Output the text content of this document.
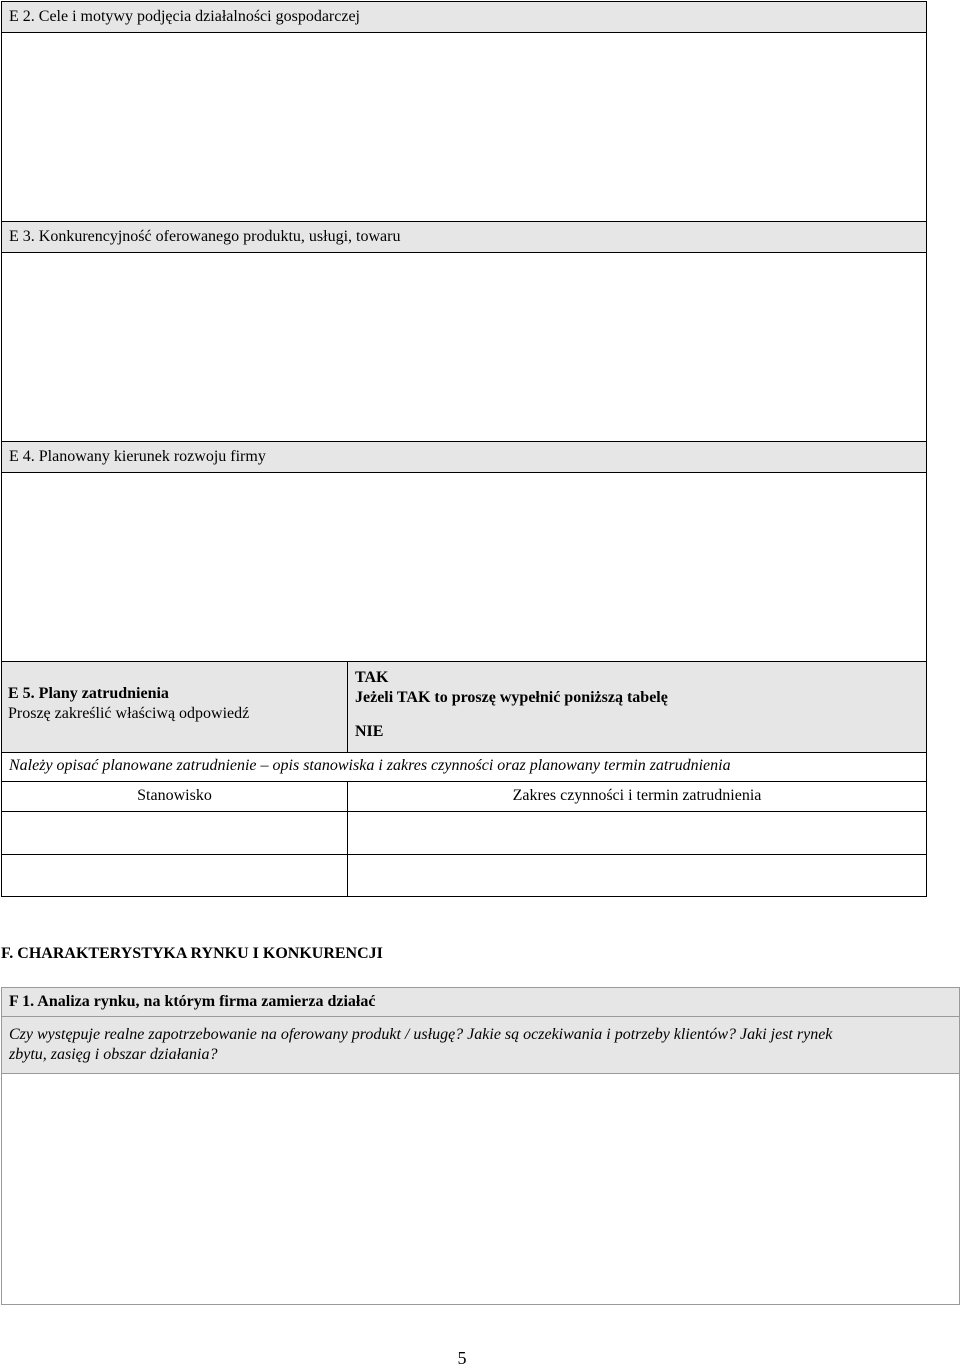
E 2. Cele i motywy podjęcia działalności gospodarczej
E 3. Konkurencyjność oferowanego produktu, usługi, towaru
E 4. Planowany kierunek rozwoju firmy
E 5. Plany zatrudnienia
Proszę zakreślić właściwą odpowiedź
TAK
Jeżeli TAK to proszę wypełnić poniższą tabelę
NIE
Należy opisać planowane zatrudnienie – opis stanowiska i zakres czynności oraz planowany termin zatrudnienia
Stanowisko	Zakres czynności i termin zatrudnienia
F. CHARAKTERYSTYKA RYNKU I KONKURENCJI
F 1. Analiza rynku, na którym firma zamierza działać
Czy występuje realne zapotrzebowanie na oferowany produkt / usługę? Jakie są oczekiwania i potrzeby klientów? Jaki jest rynek
zbytu, zasięg i obszar działania?
5
